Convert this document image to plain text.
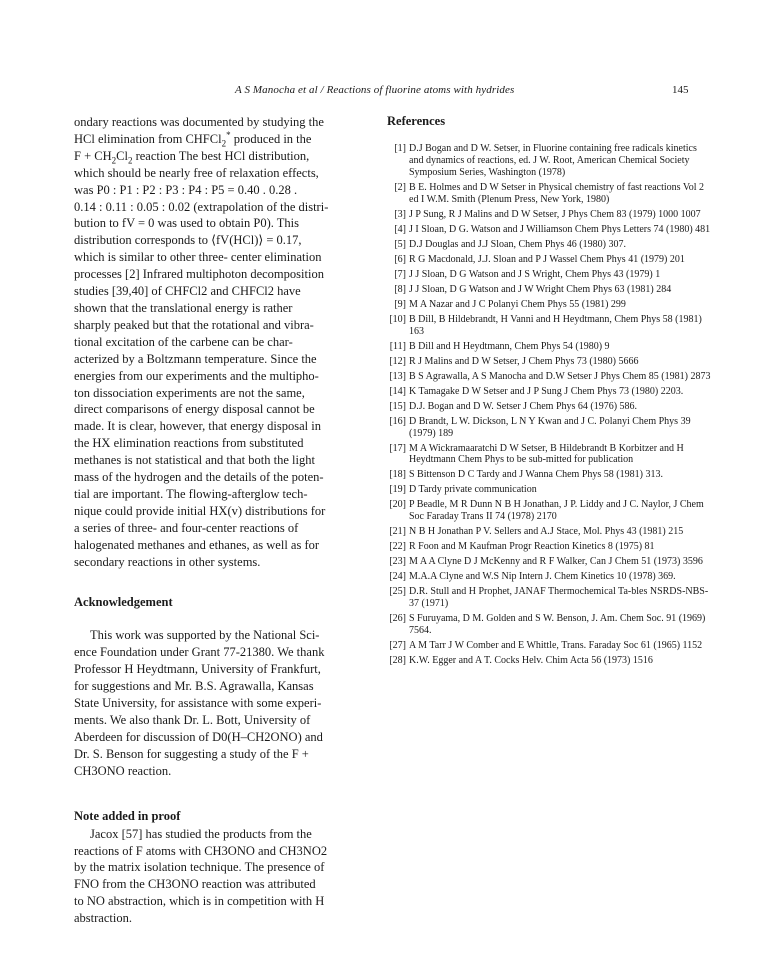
A S Manocha et al / Reactions of fluorine atoms with hydrides	145
ondary reactions was documented by studying the
HCl elimination from CHFCl$_2$* produced in the
$F + CH_2Cl_2$ reaction The best HCl distribution,
which should be nearly free of relaxation effects,
was P0 : P1 : P2 : P3 : P4 : P5 = 0.40 . 0.28 .
0.14 : 0.11 : 0.05 : 0.02 (extrapolation of the distri-
bution to fV = 0 was used to obtain P0). This
distribution corresponds to ⟨fV(HCl)⟩ = 0.17,
which is similar to other three- center elimination
processes [2] Infrared multiphoton decomposition
studies [39,40] of CHFCl2 and CHFCl2 have
shown that the translational energy is rather
sharply peaked but that the rotational and vibra-
tional excitation of the carbene can be char-
acterized by a Boltzmann temperature. Since the
energies from our experiments and the multipho-
ton dissociation experiments are not the same,
direct comparisons of energy disposal cannot be
made. It is clear, however, that energy disposal in
the HX elimination reactions from substituted
methanes is not statistical and that both the light
mass of the hydrogen and the details of the poten-
tial are important. The flowing-afterglow tech-
nique could provide initial HX(v) distributions for
a series of three- and four-center reactions of
halogenated methanes and ethanes, as well as for
secondary reactions in other systems.
Acknowledgement
This work was supported by the National Sci-
ence Foundation under Grant 77-21380. We thank
Professor H Heydtmann, University of Frankfurt,
for suggestions and Mr. B.S. Agrawalla, Kansas
State University, for assistance with some experi-
ments. We also thank Dr. L. Bott, University of
Aberdeen for discussion of D0(H–CH2ONO) and
Dr. S. Benson for suggesting a study of the F +
CH3ONO reaction.
Note added in proof
Jacox [57] has studied the products from the
reactions of F atoms with CH3ONO and CH3NO2
by the matrix isolation technique. The presence of
FNO from the CH3ONO reaction was attributed
to NO abstraction, which is in competition with H
abstraction.
References
[1] D.J Bogan and D W. Setser, in Fluorine containing free radicals kinetics and dynamics of reactions, ed. J W. Root, American Chemical Society Symposium Series, Washington (1978)
[2] B E. Holmes and D W Setser in Physical chemistry of fast reactions Vol 2 ed I W.M. Smith (Plenum Press, New York, 1980)
[3] J P Sung, R J Malins and D W Setser, J Phys Chem 83 (1979) 1000 1007
[4] J I Sloan, D G. Watson and J Williamson Chem Phys Letters 74 (1980) 481
[5] D.J Douglas and J.J Sloan, Chem Phys 46 (1980) 307.
[6] R G Macdonald, J.J. Sloan and P J Wassel Chem Phys 41 (1979) 201
[7] J J Sloan, D G Watson and J S Wright, Chem Phys 43 (1979) 1
[8] J J Sloan, D G Watson and J W Wright Chem Phys 63 (1981) 284
[9] M A Nazar and J C Polanyi Chem Phys 55 (1981) 299
[10] B Dill, B Hildebrandt, H Vanni and H Heydtmann, Chem Phys 58 (1981) 163
[11] B Dill and H Heydtmann, Chem Phys 54 (1980) 9
[12] R J Malins and D W Setser, J Chem Phys 73 (1980) 5666
[13] B S Agrawalla, A S Manocha and D.W Setser J Phys Chem 85 (1981) 2873
[14] K Tamagake D W Setser and J P Sung J Chem Phys 73 (1980) 2203.
[15] D.J. Bogan and D W. Setser J Chem Phys 64 (1976) 586.
[16] D Brandt, L W. Dickson, L N Y Kwan and J C. Polanyi Chem Phys 39 (1979) 189
[17] M A Wickramaaratchi D W Setser, B Hildebrandt B Korbitzer and H Heydtmann Chem Phys to be sub-mitted for publication
[18] S Bittenson D C Tardy and J Wanna Chem Phys 58 (1981) 313.
[19] D Tardy private communication
[20] P Beadle, M R Dunn N B H Jonathan, J P. Liddy and J C. Naylor, J Chem Soc Faraday Trans II 74 (1978) 2170
[21] N B H Jonathan P V. Sellers and A.J Stace, Mol. Phys 43 (1981) 215
[22] R Foon and M Kaufman Progr Reaction Kinetics 8 (1975) 81
[23] M A A Clyne D J McKenny and R F Walker, Can J Chem 51 (1973) 3596
[24] M.A.A Clyne and W.S Nip Intern J. Chem Kinetics 10 (1978) 369.
[25] D.R. Stull and H Prophet, JANAF Thermochemical Ta-bles NSRDS-NBS-37 (1971)
[26] S Furuyama, D M. Golden and S W. Benson, J. Am. Chem Soc. 91 (1969) 7564.
[27] A M Tarr J W Comber and E Whittle, Trans. Faraday Soc 61 (1965) 1152
[28] K.W. Egger and A T. Cocks Helv. Chim Acta 56 (1973) 1516
